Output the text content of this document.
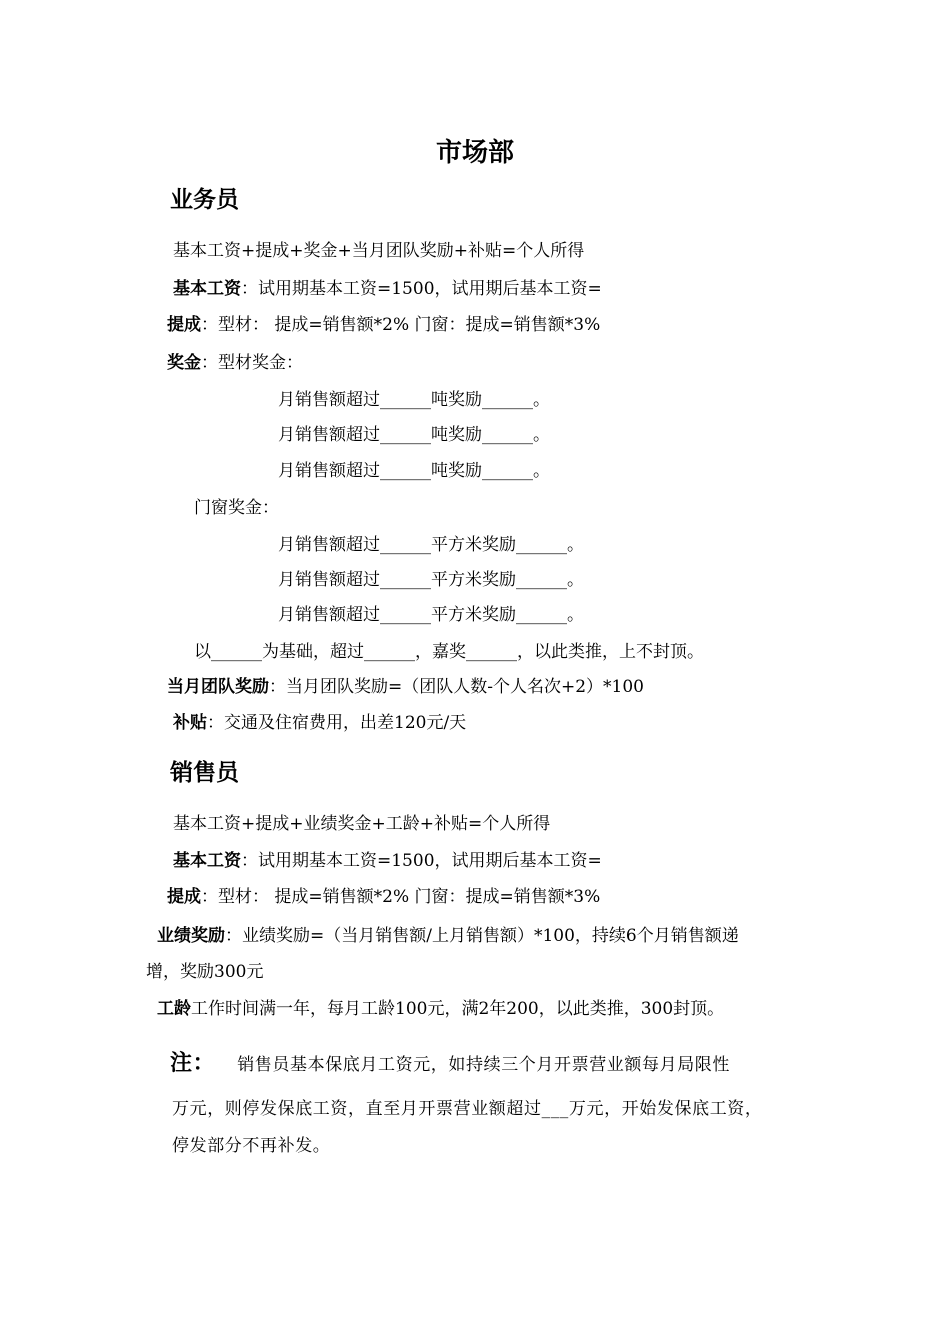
市场部
业务员
基本工资+提成+奖金+当月团队奖励+补贴=个人所得
基本工资：试用期基本工资=1500，试用期后基本工资=
提成：型材： 提成=销售额*2% 门窗：提成=销售额*3%
奖金：型材奖金：
月销售额超过______吨奖励______。
月销售额超过______吨奖励______。
月销售额超过______吨奖励______。
门窗奖金：
月销售额超过______平方米奖励______。
月销售额超过______平方米奖励______。
月销售额超过______平方米奖励______。
以______为基础，超过______，嘉奖______，以此类推，上不封顶。
当月团队奖励：当月团队奖励=（团队人数-个人名次+2）*100
补贴：交通及住宿费用，出差120元/天
销售员
基本工资+提成+业绩奖金+工龄+补贴=个人所得
基本工资：试用期基本工资=1500，试用期后基本工资=
提成：型材： 提成=销售额*2% 门窗：提成=销售额*3%
业绩奖励：业绩奖励=（当月销售额/上月销售额）*100，持续6个月销售额递
增，奖励300元
工龄工作时间满一年，每月工龄100元，满2年200，以此类推，300封顶。
注： 销售员基本保底月工资元，如持续三个月开票营业额每月局限性
万元，则停发保底工资，直至月开票营业额超过___万元，开始发保底工资，
停发部分不再补发。
